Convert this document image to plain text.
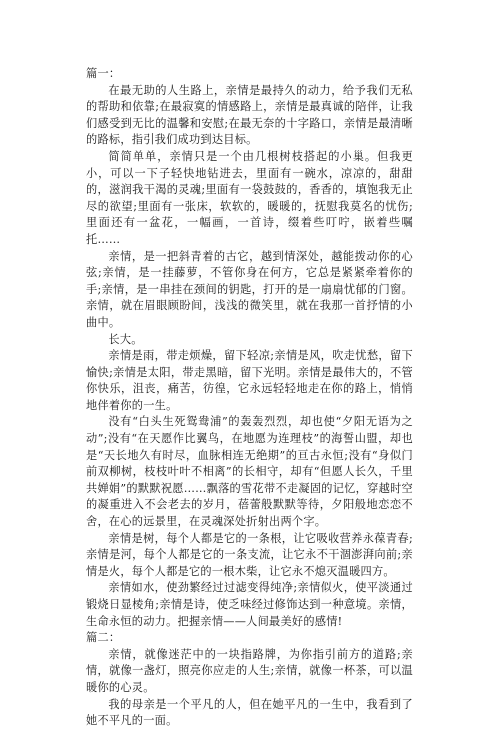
篇一：

在最无助的人生路上，亲情是最持久的动力，给予我们无私的帮助和依靠;在最寂寞的情感路上，亲情是最真诚的陪伴，让我们感受到无比的温馨和安慰;在最无奈的十字路口，亲情是最清晰的路标，指引我们成功到达目标。

简简单单，亲情只是一个由几根树枝搭起的小巢。但我更小，可以一下子轻快地钻进去，里面有一碗水，凉凉的，甜甜的，滋润我干渴的灵魂;里面有一袋鼓鼓的，香香的，填饱我无止尽的欲望;里面有一张床，软软的，暖暖的，抚慰我莫名的忧伤;里面还有一盆花，一幅画，一首诗，缀着些叮咛，嵌着些嘱托……

亲情，是一把斜青着的古它，越到情深处，越能拨动你的心弦;亲情，是一挂藤萝，不管你身在何方，它总是紧紧牵着你的手;亲情，是一串挂在颈间的钥匙，打开的是一扇扇忧郁的门窗。亲情，就在眉眼顾盼间，浅浅的微笑里，就在我那一首抒情的小曲中。

长大。

亲情是雨，带走烦燥，留下轻凉;亲情是风，吹走忧愁，留下愉快;亲情是太阳，带走黑暗，留下光明。亲情是最伟大的，不管你快乐，沮丧，痛苦，彷徨，它永远轻轻地走在你的路上，悄悄地伴着你的一生。

没有“白头生死鸳鸯浦”的轰轰烈烈，却也使“夕阳无语为之动”;没有“在天愿作比翼鸟，在地愿为连理枝”的海誓山盟，却也是“天长地久有时尽，血脉相连无绝期”的亘古永恒;没有“身似门前双柳树，枝枝叶叶不相离”的长相守，却有“但愿人长久，千里共婵娟”的默默祝愿……飘落的雪花带不走凝固的记忆，穿越时空的凝重进入不会老去的岁月，蓓蕾般默默等待，夕阳般地恋恋不舍，在心的远景里，在灵魂深处折射出两个字。

亲情是树，每个人都是它的一条根，让它吸收营养永葆青春;亲情是河，每个人都是它的一条支流，让它永不干涸澎湃向前;亲情是火，每个人都是它的一根木柴，让它永不熄灭温暖四方。

亲情如水，使劲繁经过过滤变得纯净;亲情似火，使平淡通过锻烧日显棱角;亲情是诗，使乏味经过修饰达到一种意境。亲情，生命永恒的动力。把握亲情——人间最美好的感情!

篇二：

亲情，就像迷茫中的一块指路牌，为你指引前方的道路;亲情，就像一盏灯，照亮你应走的人生;亲情，就像一杯茶，可以温暖你的心灵。

我的母亲是一个平凡的人，但在她平凡的一生中，我看到了她不平凡的一面。
